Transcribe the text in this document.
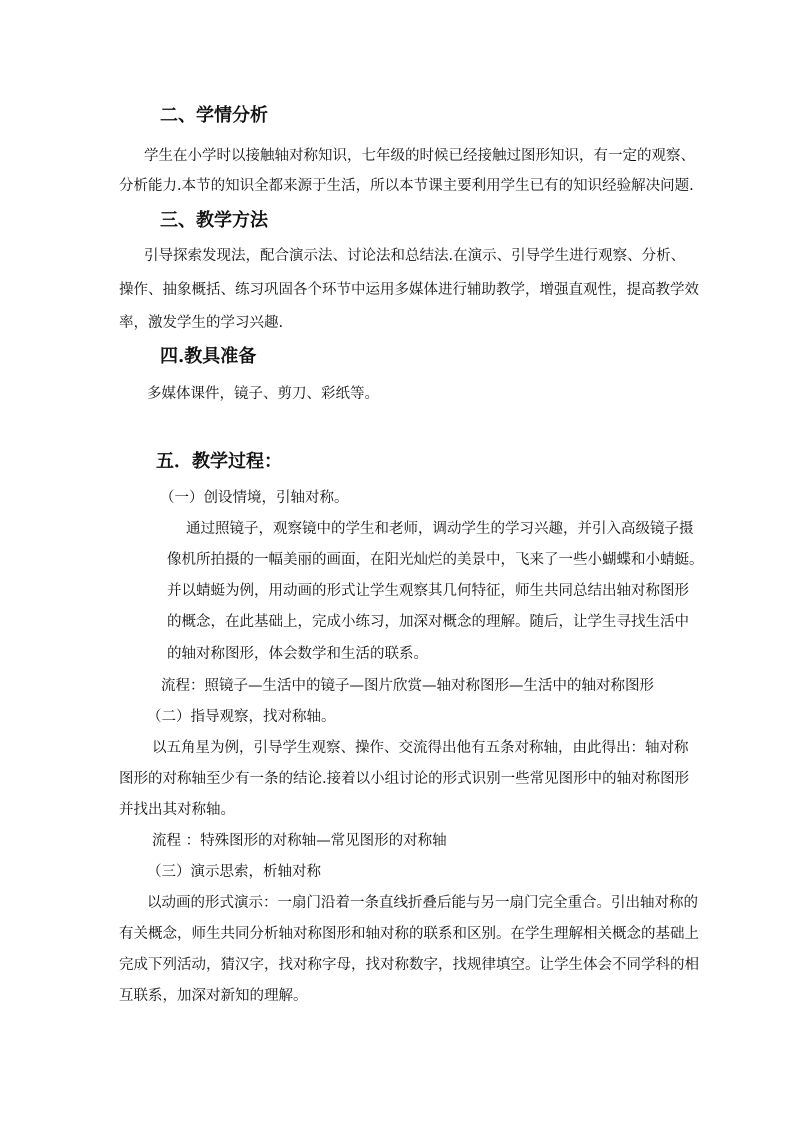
二、学情分析
学生在小学时以接触轴对称知识，七年级的时候已经接触过图形知识，有一定的观察、
分析能力.本节的知识全都来源于生活，所以本节课主要利用学生已有的知识经验解决问题.
三、教学方法
引导探索发现法，配合演示法、讨论法和总结法.在演示、引导学生进行观察、分析、
操作、抽象概括、练习巩固各个环节中运用多媒体进行辅助教学，增强直观性，提高教学效
率，激发学生的学习兴趣.
四.教具准备
多媒体课件，镜子、剪刀、彩纸等。
五．教学过程：
（一）创设情境，引轴对称。
通过照镜子，观察镜中的学生和老师，调动学生的学习兴趣，并引入高级镜子摄
像机所拍摄的一幅美丽的画面，在阳光灿烂的美景中，飞来了一些小蝴蝶和小蜻蜓。
并以蜻蜓为例，用动画的形式让学生观察其几何特征，师生共同总结出轴对称图形
的概念，在此基础上，完成小练习，加深对概念的理解。随后，让学生寻找生活中
的轴对称图形，体会数学和生活的联系。
流程：照镜子—生活中的镜子—图片欣赏—轴对称图形—生活中的轴对称图形
（二）指导观察，找对称轴。
以五角星为例，引导学生观察、操作、交流得出他有五条对称轴，由此得出：轴对称
图形的对称轴至少有一条的结论.接着以小组讨论的形式识别一些常见图形中的轴对称图形
并找出其对称轴。
流程 ：特殊图形的对称轴—常见图形的对称轴
（三）演示思索，析轴对称
以动画的形式演示：一扇门沿着一条直线折叠后能与另一扇门完全重合。引出轴对称的
有关概念，师生共同分析轴对称图形和轴对称的联系和区别。在学生理解相关概念的基础上
完成下列活动，猜汉字，找对称字母，找对称数字，找规律填空。让学生体会不同学科的相
互联系，加深对新知的理解。
